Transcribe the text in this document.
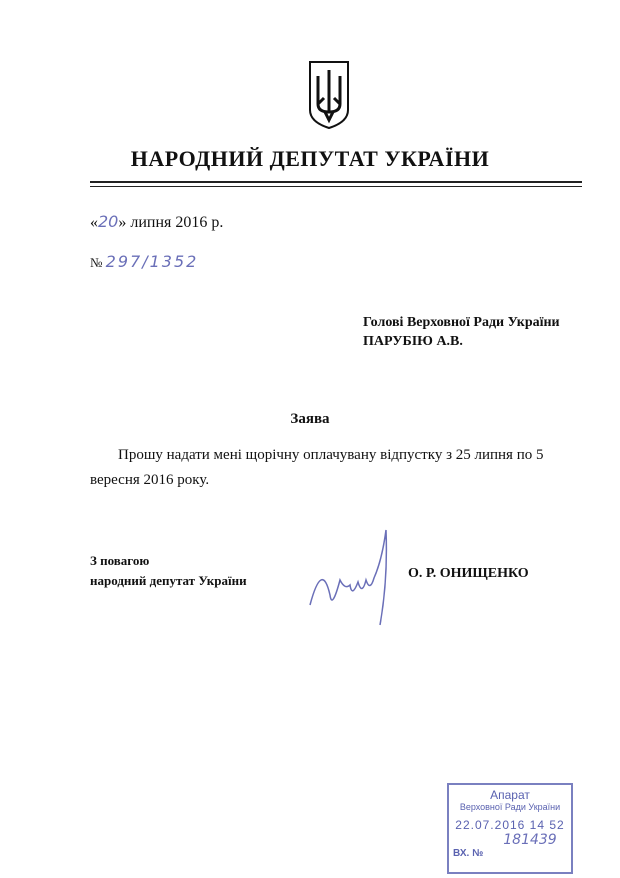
НАРОДНИЙ ДЕПУТАТ УКРАЇНИ
«20» липня 2016 р.
№ 297/1352
Голові Верховної Ради України
ПАРУБІЮ А.В.
Заява
Прошу надати мені щорічну оплачувану відпустку з 25 липня по 5
вересня 2016 року.
З повагою
народний депутат України	О. Р. ОНИЩЕНКО
Апарат
Верховної Ради України
22.07.2016 14 52
181439
ВХ. №
